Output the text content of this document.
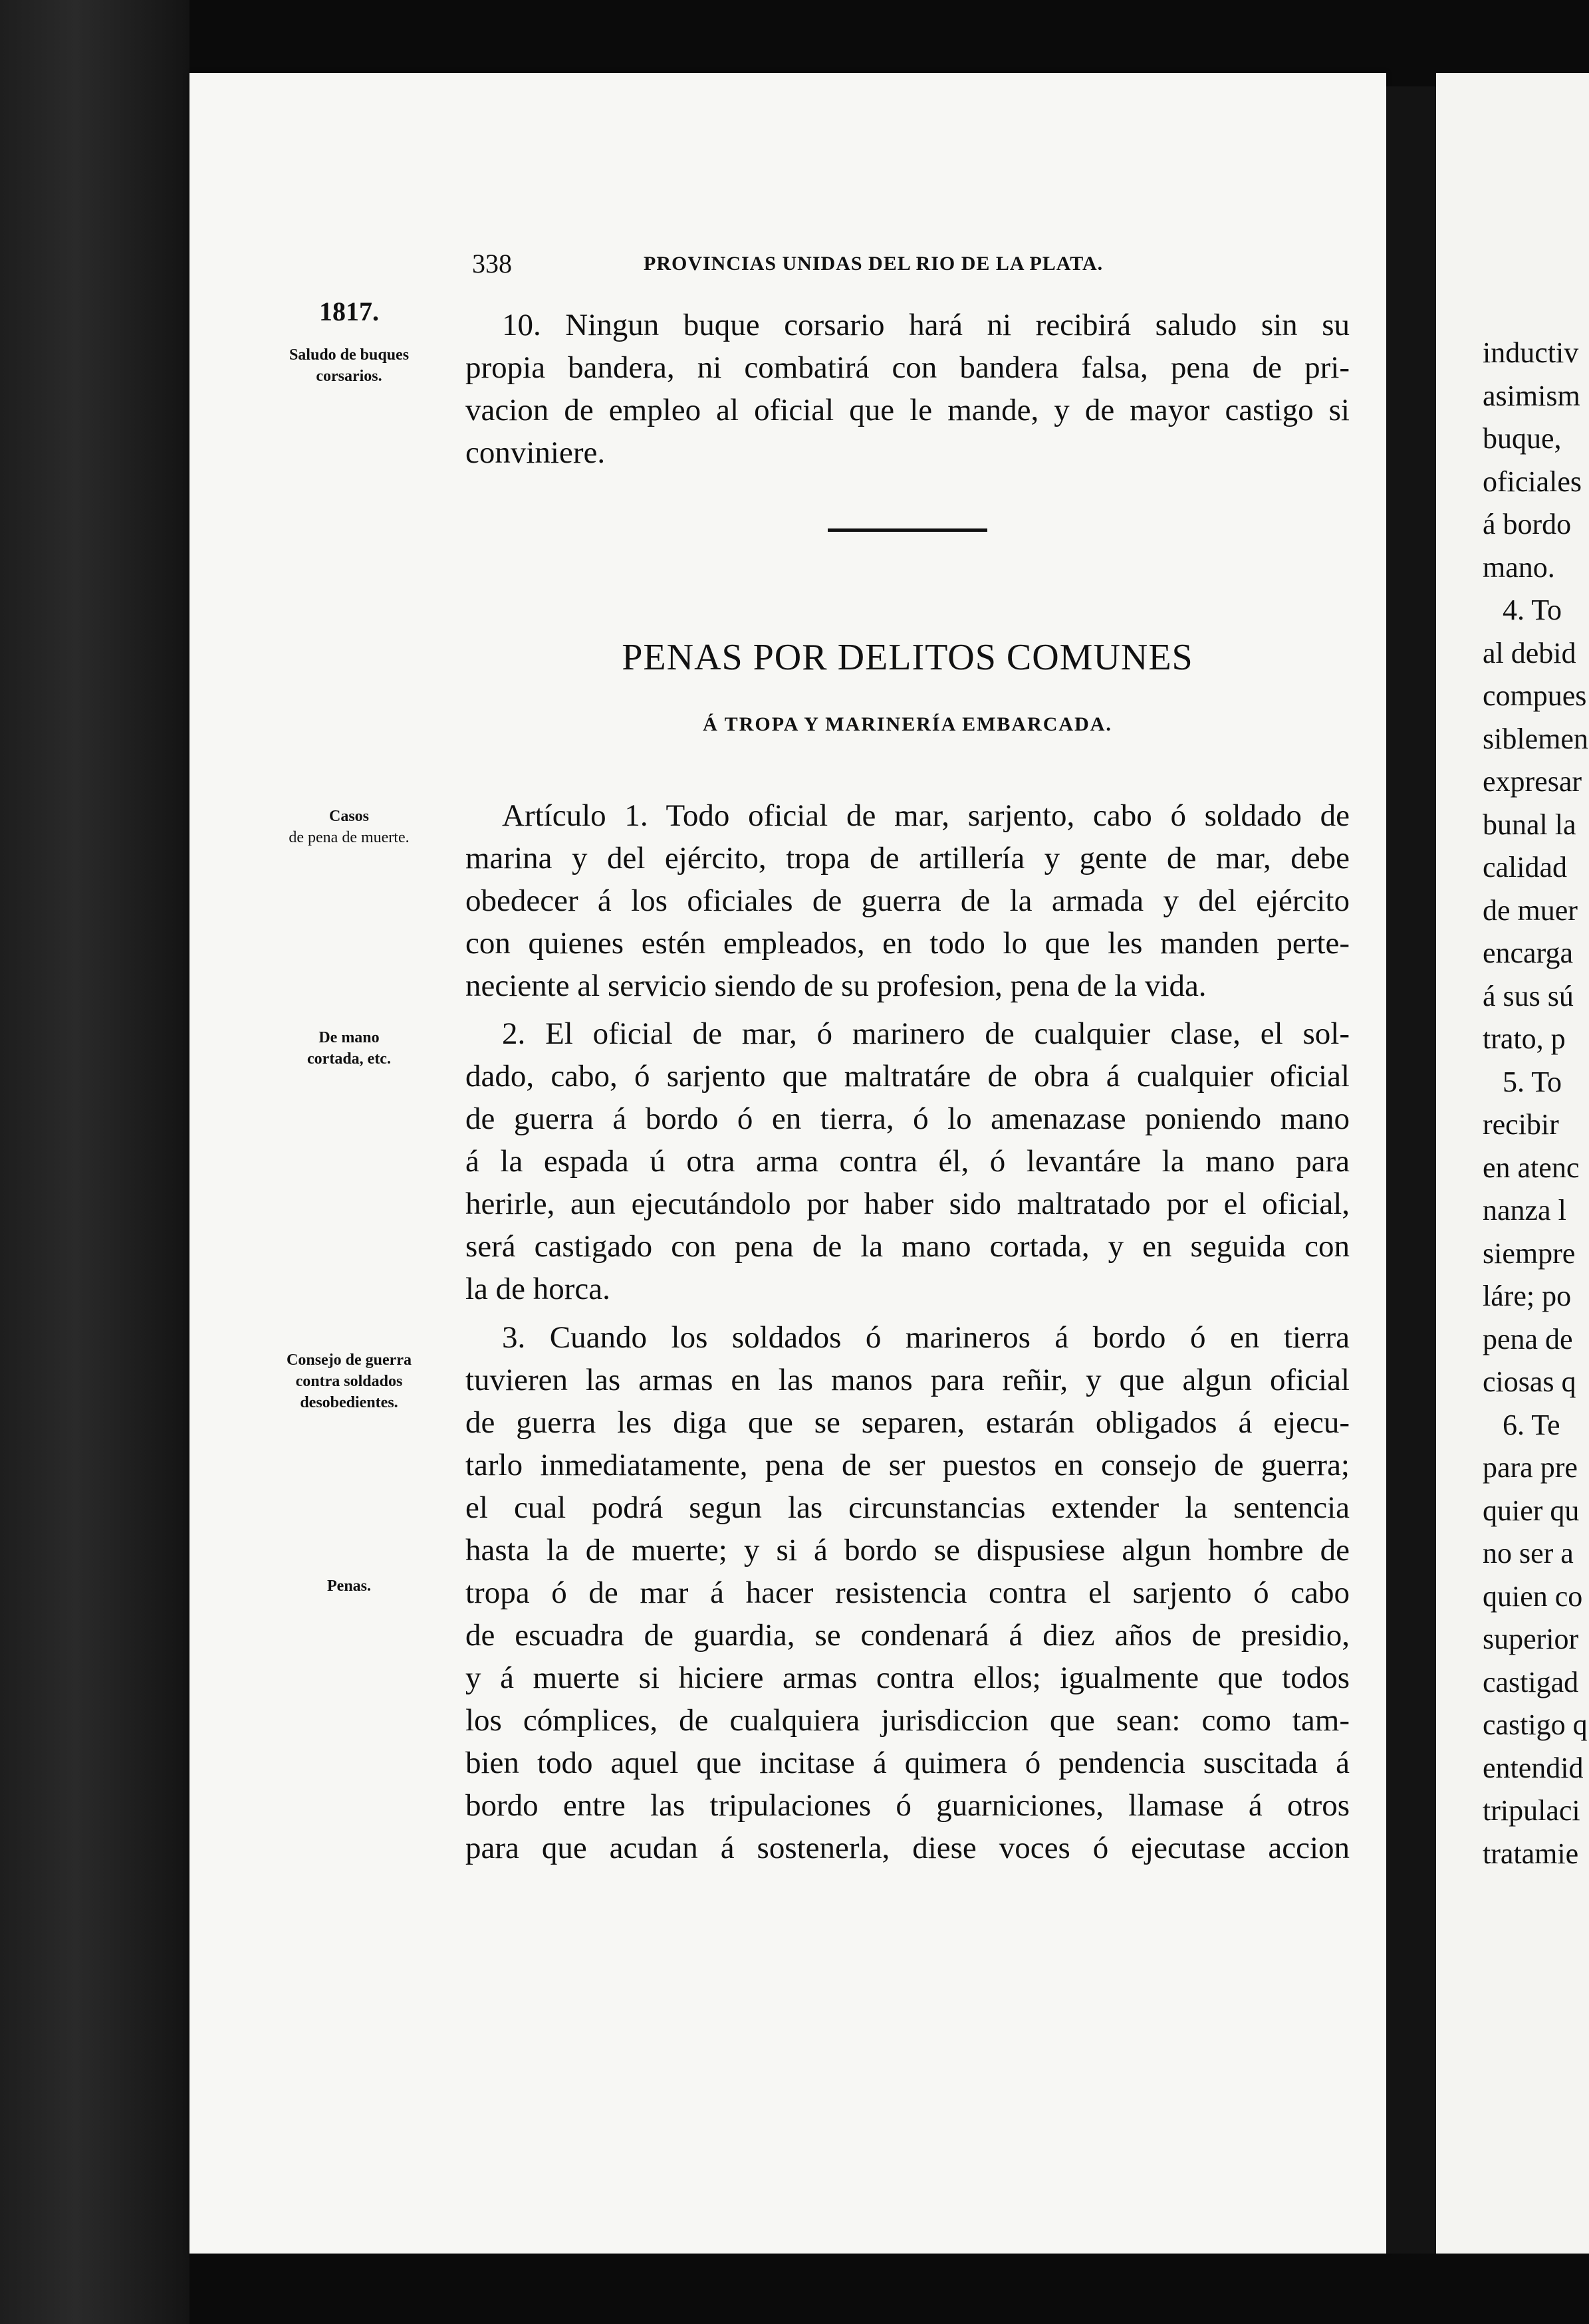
inductiv
asimism
buque,
oficiales
á bordo
mano.
4. To
al debid
compues
siblemen
expresar
bunal la
calidad
de muer
encarga
á sus sú
trato, p
5. To
recibir
en atenc
nanza l
siempre
láre; po
pena de
ciosas q
6. Te
para pre
quier qu
no ser a
quien co
superior
castigad
castigo q
entendid
tripulaci
tratamie
338	PROVINCIAS UNIDAS DEL RIO DE LA PLATA.
1817.
Saludo de buques
corsarios.
Casos
de pena de muerte.
De mano
cortada, etc.
Consejo de guerra
contra soldados
desobedientes.
Penas.
10. Ningun buque corsario hará ni recibirá saludo sin su
propia bandera, ni combatirá con bandera falsa, pena de pri-
vacion de empleo al oficial que le mande, y de mayor castigo si
conviniere.
PENAS POR DELITOS COMUNES
Á TROPA Y MARINERÍA EMBARCADA.
Artículo 1. Todo oficial de mar, sarjento, cabo ó soldado de
marina y del ejército, tropa de artillería y gente de mar, debe
obedecer á los oficiales de guerra de la armada y del ejército
con quienes estén empleados, en todo lo que les manden perte-
neciente al servicio siendo de su profesion, pena de la vida.
2. El oficial de mar, ó marinero de cualquier clase, el sol-
dado, cabo, ó sarjento que maltratáre de obra á cualquier oficial
de guerra á bordo ó en tierra, ó lo amenazase poniendo mano
á la espada ú otra arma contra él, ó levantáre la mano para
herirle, aun ejecutándolo por haber sido maltratado por el oficial,
será castigado con pena de la mano cortada, y en seguida con
la de horca.
3. Cuando los soldados ó marineros á bordo ó en tierra
tuvieren las armas en las manos para reñir, y que algun oficial
de guerra les diga que se separen, estarán obligados á ejecu-
tarlo inmediatamente, pena de ser puestos en consejo de guerra;
el cual podrá segun las circunstancias extender la sentencia
hasta la de muerte; y si á bordo se dispusiese algun hombre de
tropa ó de mar á hacer resistencia contra el sarjento ó cabo
de escuadra de guardia, se condenará á diez años de presidio,
y á muerte si hiciere armas contra ellos; igualmente que todos
los cómplices, de cualquiera jurisdiccion que sean: como tam-
bien todo aquel que incitase á quimera ó pendencia suscitada á
bordo entre las tripulaciones ó guarniciones, llamase á otros
para que acudan á sostenerla, diese voces ó ejecutase accion
